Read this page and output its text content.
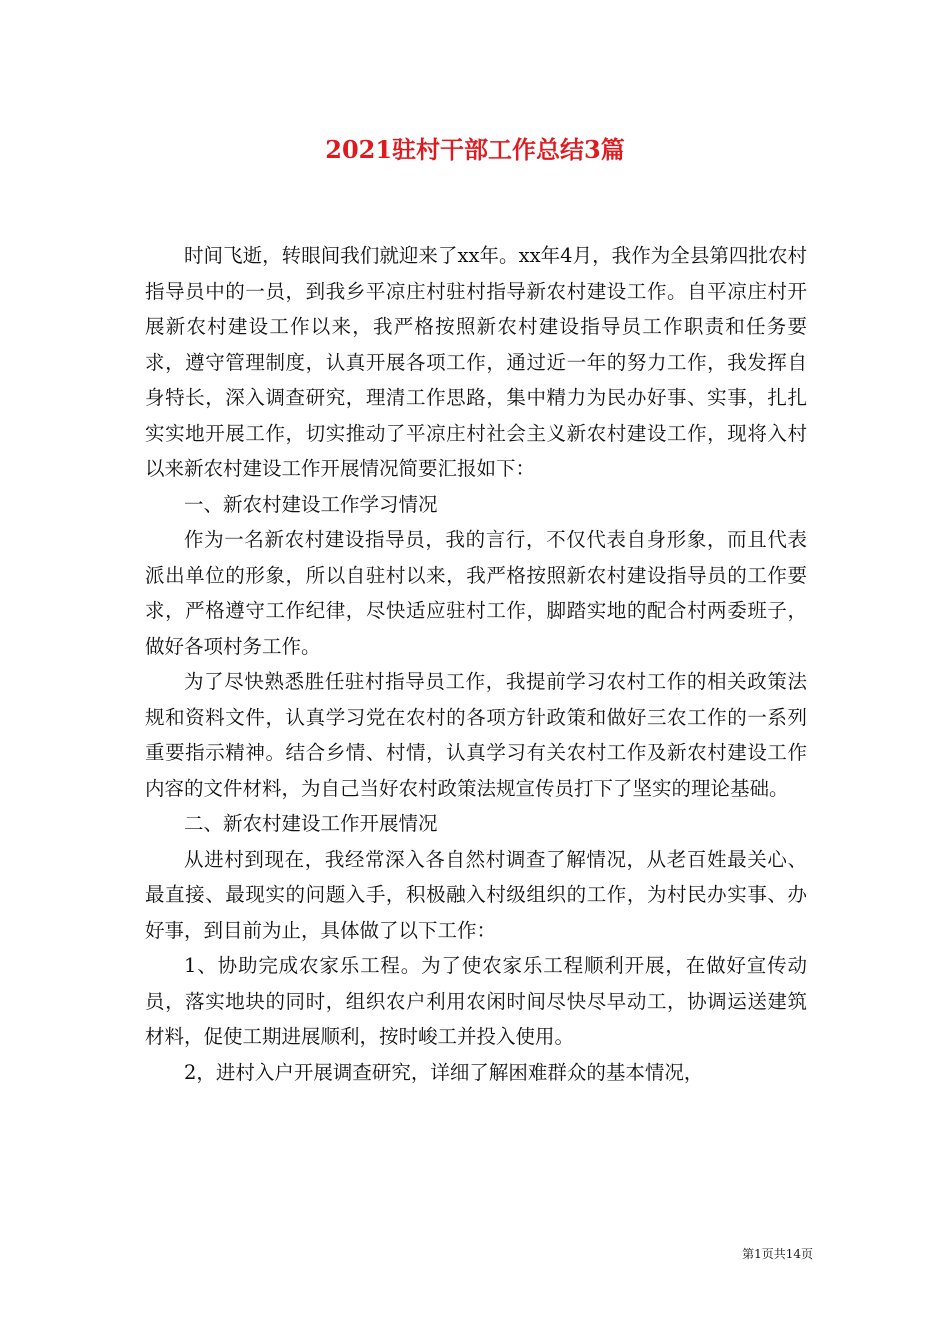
2021驻村干部工作总结3篇

时间飞逝，转眼间我们就迎来了xx年。xx年4月，我作为全县第四批农村指导员中的一员，到我乡平凉庄村驻村指导新农村建设工作。自平凉庄村开展新农村建设工作以来，我严格按照新农村建设指导员工作职责和任务要求，遵守管理制度，认真开展各项工作，通过近一年的努力工作，我发挥自身特长，深入调查研究，理清工作思路，集中精力为民办好事、实事，扎扎实实地开展工作，切实推动了平凉庄村社会主义新农村建设工作，现将入村以来新农村建设工作开展情况简要汇报如下：

一、新农村建设工作学习情况

作为一名新农村建设指导员，我的言行，不仅代表自身形象，而且代表派出单位的形象，所以自驻村以来，我严格按照新农村建设指导员的工作要求，严格遵守工作纪律，尽快适应驻村工作，脚踏实地的配合村两委班子，做好各项村务工作。

为了尽快熟悉胜任驻村指导员工作，我提前学习农村工作的相关政策法规和资料文件，认真学习党在农村的各项方针政策和做好三农工作的一系列重要指示精神。结合乡情、村情，认真学习有关农村工作及新农村建设工作内容的文件材料，为自己当好农村政策法规宣传员打下了坚实的理论基础。

二、新农村建设工作开展情况

从进村到现在，我经常深入各自然村调查了解情况，从老百姓最关心、最直接、最现实的问题入手，积极融入村级组织的工作，为村民办实事、办好事，到目前为止，具体做了以下工作：

1、协助完成农家乐工程。为了使农家乐工程顺利开展，在做好宣传动员，落实地块的同时，组织农户利用农闲时间尽快尽早动工，协调运送建筑材料，促使工期进展顺利，按时峻工并投入使用。

2，进村入户开展调查研究，详细了解困难群众的基本情况，

第1页共14页
